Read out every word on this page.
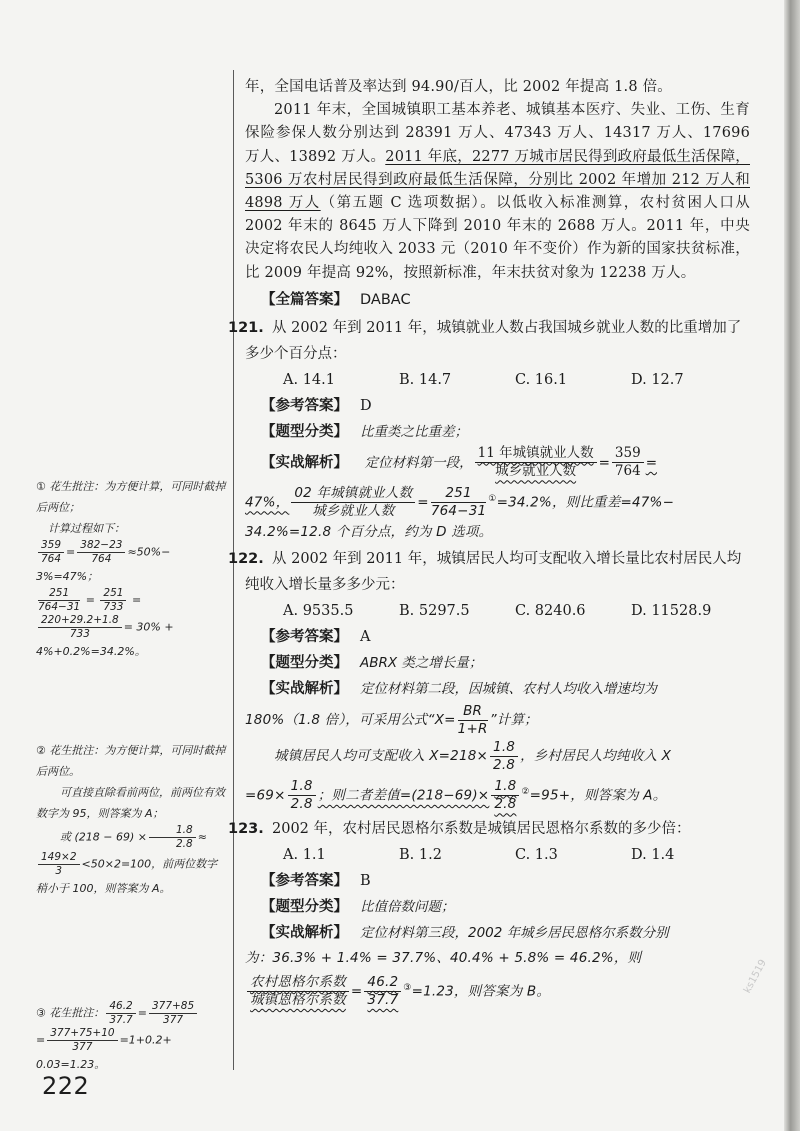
年，全国电话普及率达到 94.90/百人，比 2002 年提高 1.8 倍。

2011 年末，全国城镇职工基本养老、城镇基本医疗、失业、工伤、生育保险参保人数分别达到 28391 万人、47343 万人、14317 万人、17696 万人、13892 万人。2011 年底，2277 万城市居民得到政府最低生活保障，5306 万农村居民得到政府最低生活保障，分别比 2002 年增加 212 万人和 4898 万人（第五题 C 选项数据）。以低收入标准测算，农村贫困人口从 2002 年末的 8645 万人下降到 2010 年末的 2688 万人。2011 年，中央决定将农民人均纯收入 2033 元（2010 年不变价）作为新的国家扶贫标准，比 2009 年提高 92%，按照新标准，年末扶贫对象为 12238 万人。

【全篇答案】 DABAC
121. 从 2002 年到 2011 年，城镇就业人数占我国城乡就业人数的比重增加了多少个百分点：
A. 14.1	B. 14.7	C. 16.1	D. 12.7
【参考答案】 D
【题型分类】 比重类之比重差；
【实战解析】 定位材料第一段， $\frac{\text{11 年城镇就业人数}}{\text{城乡就业人数}} = \frac{359}{764}$ =

47%， $\frac{\text{02 年城镇就业人数}}{\text{城乡就业人数}} = \frac{251}{764-31} ^①=34.2\%$，则比重差=47%−

34.2%=12.8 个百分点，约为 D 选项。

122. 从 2002 年到 2011 年，城镇居民人均可支配收入增长量比农村居民人均纯收入增长量多多少元：
A. 9535.5	B. 5297.5	C. 8240.6	D. 11528.9
【参考答案】 A
【题型分类】 ABRX 类之增长量；
【实战解析】 定位材料第二段，因城镇、农村人均收入增速均为

180%（1.8 倍），可采用公式“$X= \frac{BR}{1+R}$ ”计算；

城镇居民人均可支配收入 $X=218\times \frac{1.8}{2.8}$ ，乡村居民人均纯收入 X

$=69\times \frac{1.8}{2.8}$ ；则二者差值$=(218-69)\times \frac{1.8}{2.8} ^②=95+$，则答案为 A。

123. 2002 年，农村居民恩格尔系数是城镇居民恩格尔系数的多少倍：
A. 1.1	B. 1.2	C. 1.3	D. 1.4
【参考答案】 B
【题型分类】 比值倍数问题；
【实战解析】 定位材料第三段，2002 年城乡居民恩格尔系数分别

为：36.3% + 1.4% = 37.7%、40.4% + 5.8% = 46.2%，则

$\frac{\text{农村恩格尔系数}}{\text{城镇恩格尔系数}} = \frac{46.2}{37.7} ^③=1.23$，则答案为 B。

① 花生批注：为方便计算，可同时截掉后两位；
计算过程如下：
$\frac{359}{764} = \frac{382-23}{764} \approx 50\%-$
3%=47%；
$\frac{251}{764-31} = \frac{251}{733}$ =
$\frac{220+29.2+1.8}{733} = 30\%$ +
4%+0.2%=34.2%。
② 花生批注：为方便计算，可同时截掉后两位。
可直接直除看前两位，前两位有效数字为 95，则答案为 A；
或 $(218 - 69) \times \frac{1.8}{2.8}$ ≈
$\frac{149\times 2}{3} <50\times 2=100$，前两位数字稍小于 100，则答案为 A。
③ 花生批注： $\frac{46.2}{37.7} = \frac{377+85}{377}$
= $\frac{377+75+10}{377} =1+0.2+$
0.03=1.23。
222
ks1519
